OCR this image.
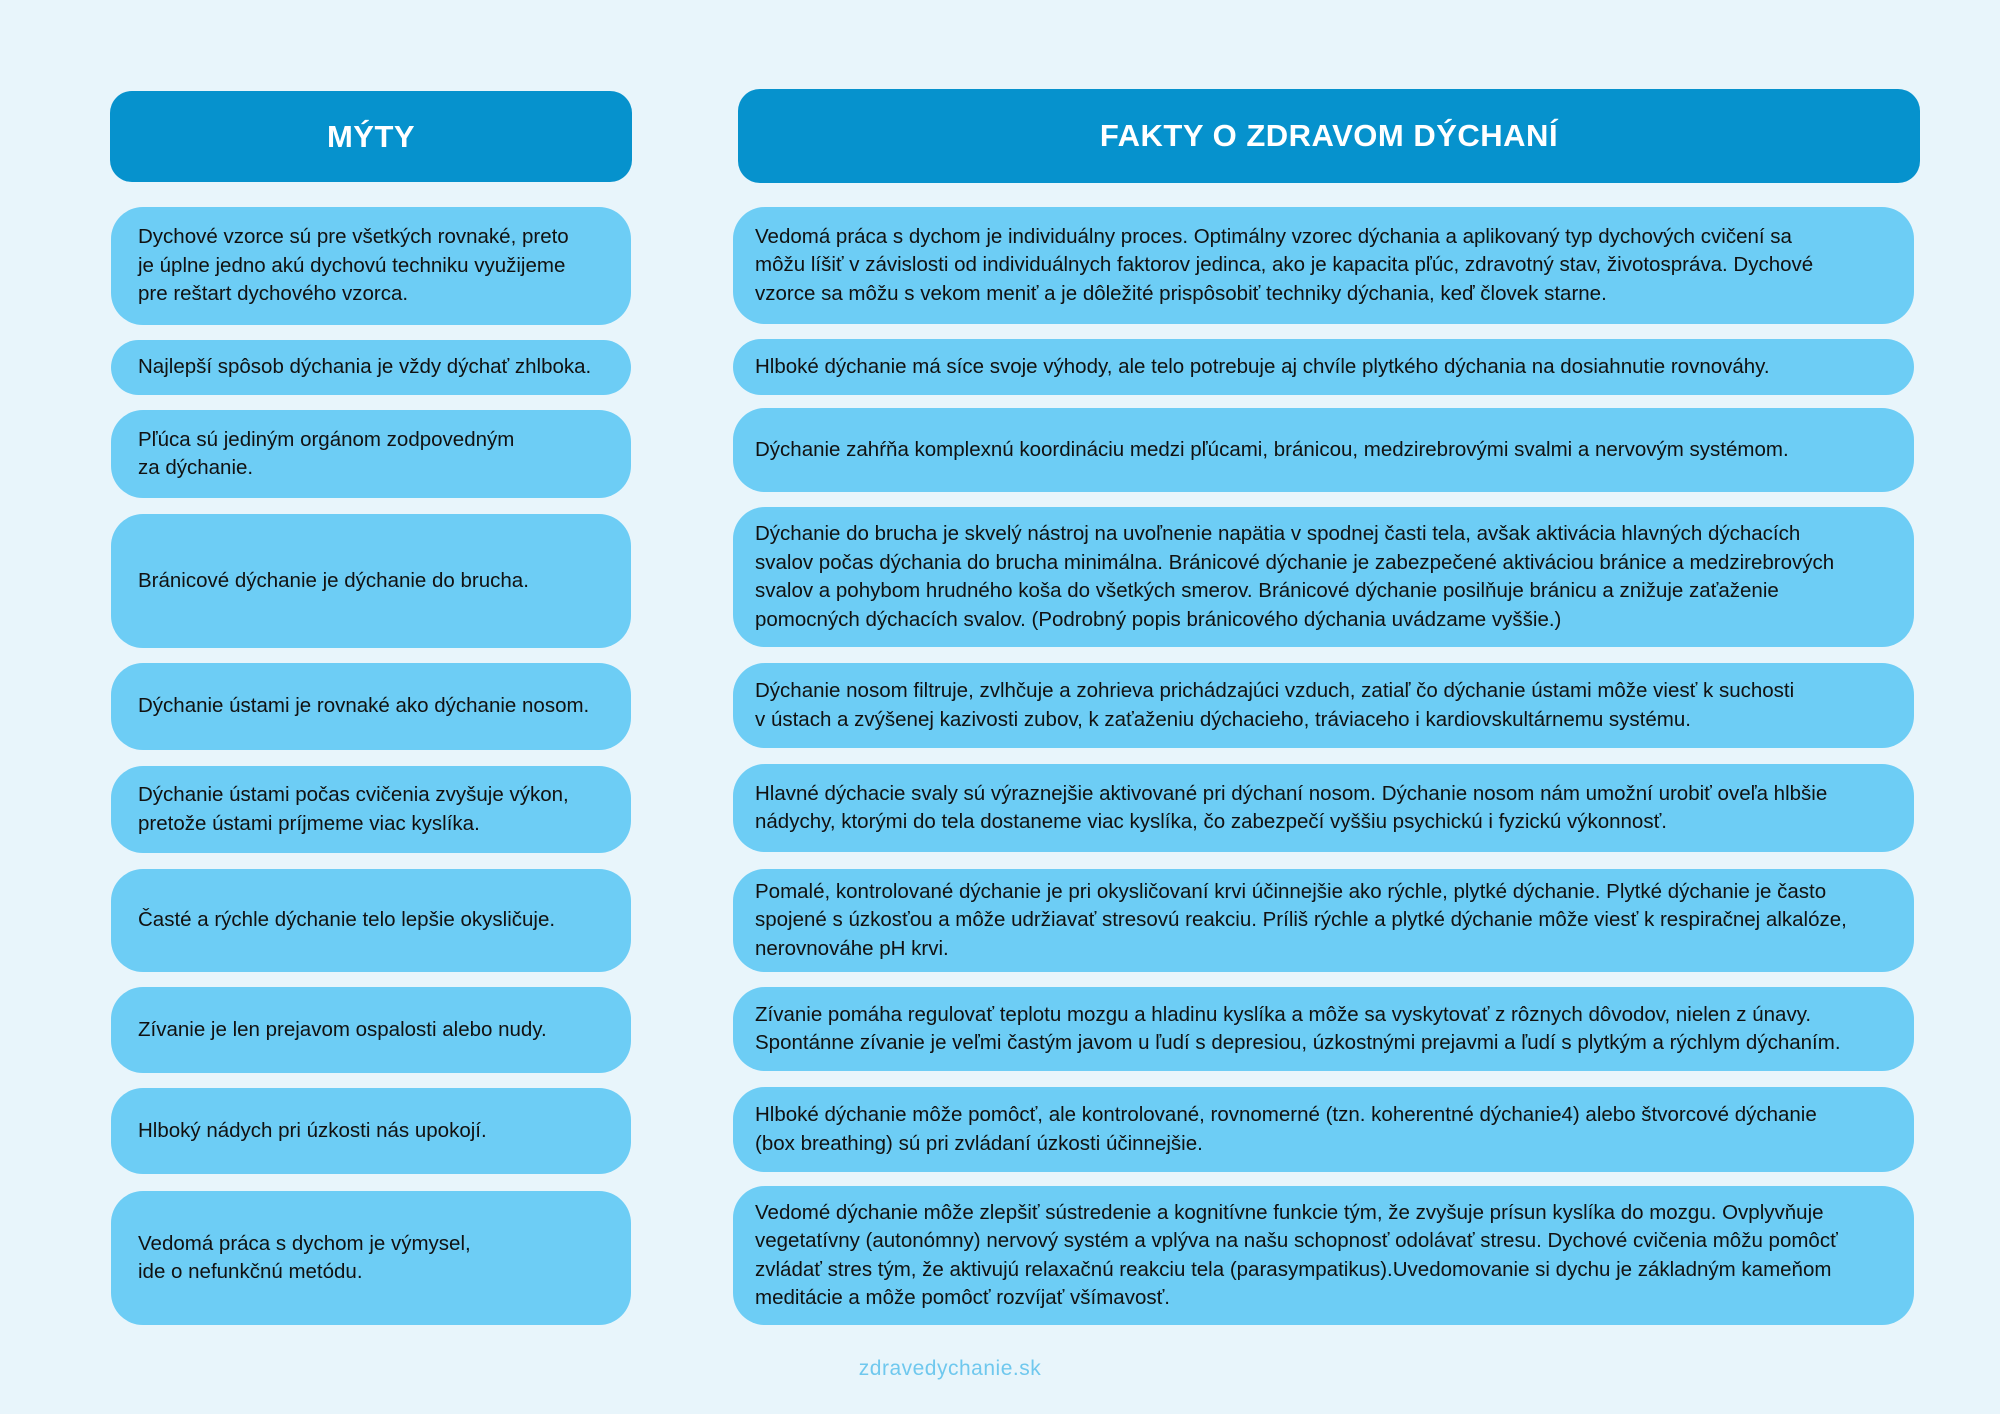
MÝTY	FAKTY O ZDRAVOM DÝCHANÍ
Dychové vzorce sú pre všetkých rovnaké, preto
je úplne jedno akú dychovú techniku využijeme
pre reštart dychového vzorca.
Najlepší spôsob dýchania je vždy dýchať zhlboka.
Pľúca sú jediným orgánom zodpovedným
za dýchanie.
Bránicové dýchanie je dýchanie do brucha.
Dýchanie ústami je rovnaké ako dýchanie nosom.
Dýchanie ústami počas cvičenia zvyšuje výkon,
pretože ústami príjmeme viac kyslíka.
Časté a rýchle dýchanie telo lepšie okysličuje.
Zívanie je len prejavom ospalosti alebo nudy.
Hlboký nádych pri úzkosti nás upokojí.
Vedomá práca s dychom je výmysel,
ide o nefunkčnú metódu.
Vedomá práca s dychom je individuálny proces. Optimálny vzorec dýchania a aplikovaný typ dychových cvičení sa
môžu líšiť v závislosti od individuálnych faktorov jedinca, ako je kapacita pľúc, zdravotný stav, životospráva. Dychové
vzorce sa môžu s vekom meniť a je dôležité prispôsobiť techniky dýchania, keď človek starne.
Hlboké dýchanie má síce svoje výhody, ale telo potrebuje aj chvíle plytkého dýchania na dosiahnutie rovnováhy.
Dýchanie zahŕňa komplexnú koordináciu medzi pľúcami, bránicou, medzirebrovými svalmi a nervovým systémom.
Dýchanie do brucha je skvelý nástroj na uvoľnenie napätia v spodnej časti tela, avšak aktivácia hlavných dýchacích
svalov počas dýchania do brucha minimálna. Bránicové dýchanie je zabezpečené aktiváciou bránice a medzirebrových
svalov a pohybom hrudného koša do všetkých smerov. Bránicové dýchanie posilňuje bránicu a znižuje zaťaženie
pomocných dýchacích svalov. (Podrobný popis bránicového dýchania uvádzame vyššie.)
Dýchanie nosom filtruje, zvlhčuje a zohrieva prichádzajúci vzduch, zatiaľ čo dýchanie ústami môže viesť k suchosti
v ústach a zvýšenej kazivosti zubov, k zaťaženiu dýchacieho, tráviaceho i kardiovskultárnemu systému.
Hlavné dýchacie svaly sú výraznejšie aktivované pri dýchaní nosom. Dýchanie nosom nám umožní urobiť oveľa hlbšie
nádychy, ktorými do tela dostaneme viac kyslíka, čo zabezpečí vyššiu psychickú i fyzickú výkonnosť.
Pomalé, kontrolované dýchanie je pri okysličovaní krvi účinnejšie ako rýchle, plytké dýchanie. Plytké dýchanie je často
spojené s úzkosťou a môže udržiavať stresovú reakciu. Príliš rýchle a plytké dýchanie môže viesť k respiračnej alkalóze,
nerovnováhe pH krvi.
Zívanie pomáha regulovať teplotu mozgu a hladinu kyslíka a môže sa vyskytovať z rôznych dôvodov, nielen z únavy.
Spontánne zívanie je veľmi častým javom u ľudí s depresiou, úzkostnými prejavmi a ľudí s plytkým a rýchlym dýchaním.
Hlboké dýchanie môže pomôcť, ale kontrolované, rovnomerné (tzn. koherentné dýchanie4) alebo štvorcové dýchanie
(box breathing) sú pri zvládaní úzkosti účinnejšie.
Vedomé dýchanie môže zlepšiť sústredenie a kognitívne funkcie tým, že zvyšuje prísun kyslíka do mozgu. Ovplyvňuje
vegetatívny (autonómny) nervový systém a vplýva na našu schopnosť odolávať stresu. Dychové cvičenia môžu pomôcť
zvládať stres tým, že aktivujú relaxačnú reakciu tela (parasympatikus).Uvedomovanie si dychu je základným kameňom
meditácie a môže pomôcť rozvíjať všímavosť.
zdravedychanie.sk
